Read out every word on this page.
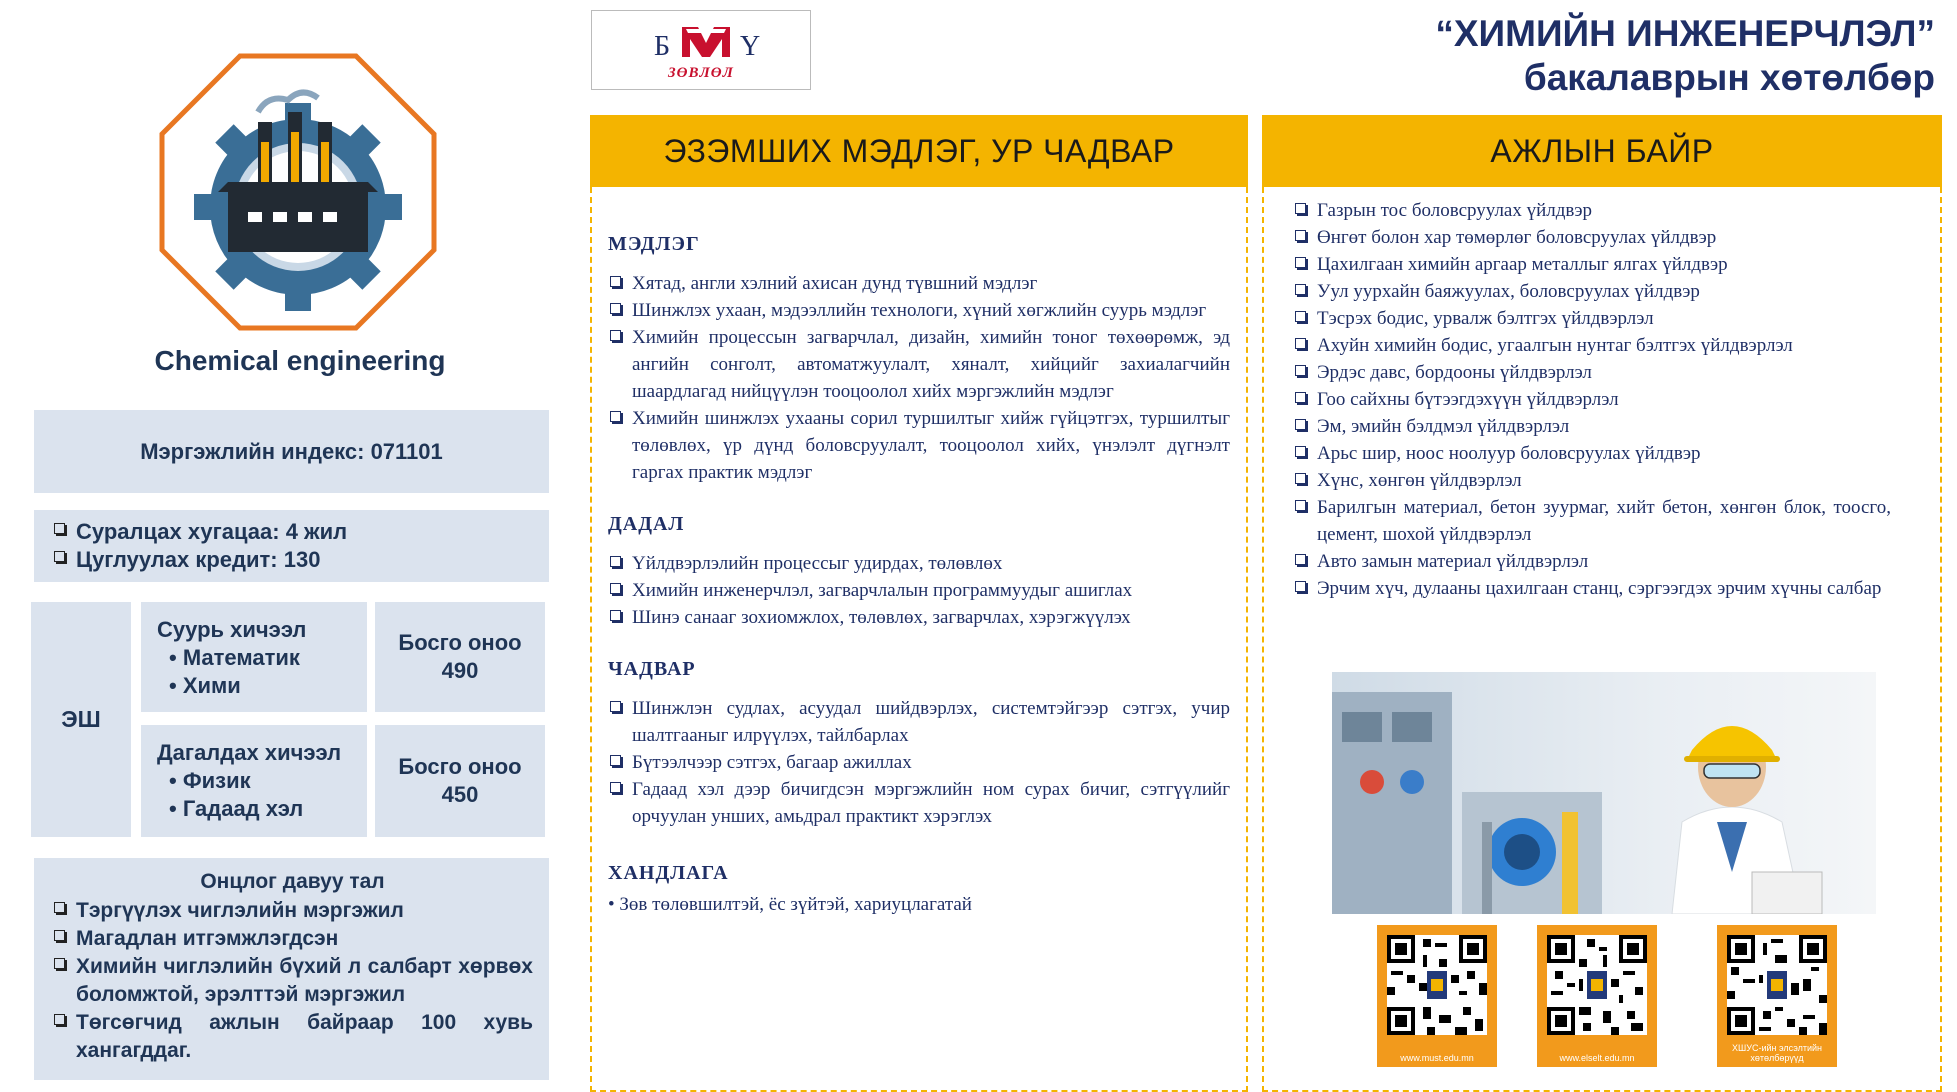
Chemical engineering
Мэргэжлийн индекс: 071101
Суралцах хугацаа: 4 жил
Цуглуулах кредит: 130
ЭШ
Суурь хичээл
• Математик
• Хими
Босго оноо
490
Дагалдах хичээл
• Физик
• Гадаад хэл
Босго оноо
450
Онцлог давуу тал
Тэргүүлэх чиглэлийн мэргэжил
Магадлан итгэмжлэгдсэн
Химийн чиглэлийн бүхий л салбарт хөрвөх боломжтой, эрэлттэй мэргэжил
Төгсөгчид ажлын байраар 100 хувь хангагддаг.
Б Ү
ЗӨВЛӨЛ
“ХИМИЙН ИНЖЕНЕРЧЛЭЛ”
бакалаврын хөтөлбөр
ЭЗЭМШИХ МЭДЛЭГ, УР ЧАДВАР
МЭДЛЭГ
Хятад, англи хэлний ахисан дунд түвшний мэдлэг
Шинжлэх ухаан, мэдээллийн технологи, хүний хөгжлийн суурь мэдлэг
Химийн процессын загварчлал, дизайн, химийн тоног төхөөрөмж, эд ангийн сонголт, автоматжуулалт, хяналт, хийцийг захиалагчийн шаардлагад нийцүүлэн тооцоолол хийх мэргэжлийн мэдлэг
Химийн шинжлэх ухааны сорил туршилтыг хийж гүйцэтгэх, туршилтыг төлөвлөх, үр дүнд боловсруулалт, тооцоолол хийх, үнэлэлт дүгнэлт гаргах практик мэдлэг
ДАДАЛ
Үйлдвэрлэлийн процессыг удирдах, төлөвлөх
Химийн инженерчлэл, загварчлалын программуудыг ашиглах
Шинэ санааг зохиомжлох, төлөвлөх, загварчлах, хэрэгжүүлэх
ЧАДВАР
Шинжлэн судлах, асуудал шийдвэрлэх, системтэйгээр сэтгэх, учир шалтгааныг илрүүлэх, тайлбарлах
Бүтээлчээр сэтгэх, багаар ажиллах
Гадаад хэл дээр бичигдсэн мэргэжлийн ном сурах бичиг, сэтгүүлийг орчуулан унших, амьдрал практикт хэрэглэх
ХАНДЛАГА
• Зөв төлөвшилтэй, ёс зүйтэй, хариуцлагатай
АЖЛЫН БАЙР
Газрын тос боловсруулах үйлдвэр
Өнгөт болон хар төмөрлөг боловсруулах үйлдвэр
Цахилгаан химийн аргаар металлыг ялгах үйлдвэр
Уул уурхайн баяжуулах, боловсруулах үйлдвэр
Тэсрэх бодис, урвалж бэлтгэх үйлдвэрлэл
Ахуйн химийн бодис, угаалгын нунтаг бэлтгэх үйлдвэрлэл
Эрдэс давс, бордооны үйлдвэрлэл
Гоо сайхны бүтээгдэхүүн үйлдвэрлэл
Эм, эмийн бэлдмэл үйлдвэрлэл
Арьс шир, ноос ноолуур боловсруулах үйлдвэр
Хүнс, хөнгөн үйлдвэрлэл
Барилгын материал, бетон зуурмаг, хийт бетон, хөнгөн блок, тоосго, цемент, шохой үйлдвэрлэл
Авто замын материал үйлдвэрлэл
Эрчим хүч, дулааны цахилгаан станц, сэргээгдэх эрчим хүчны салбар
www.must.edu.mn	www.elselt.edu.mn
ХШУС-ийн элсэлтийн хөтөлбөрүүд
